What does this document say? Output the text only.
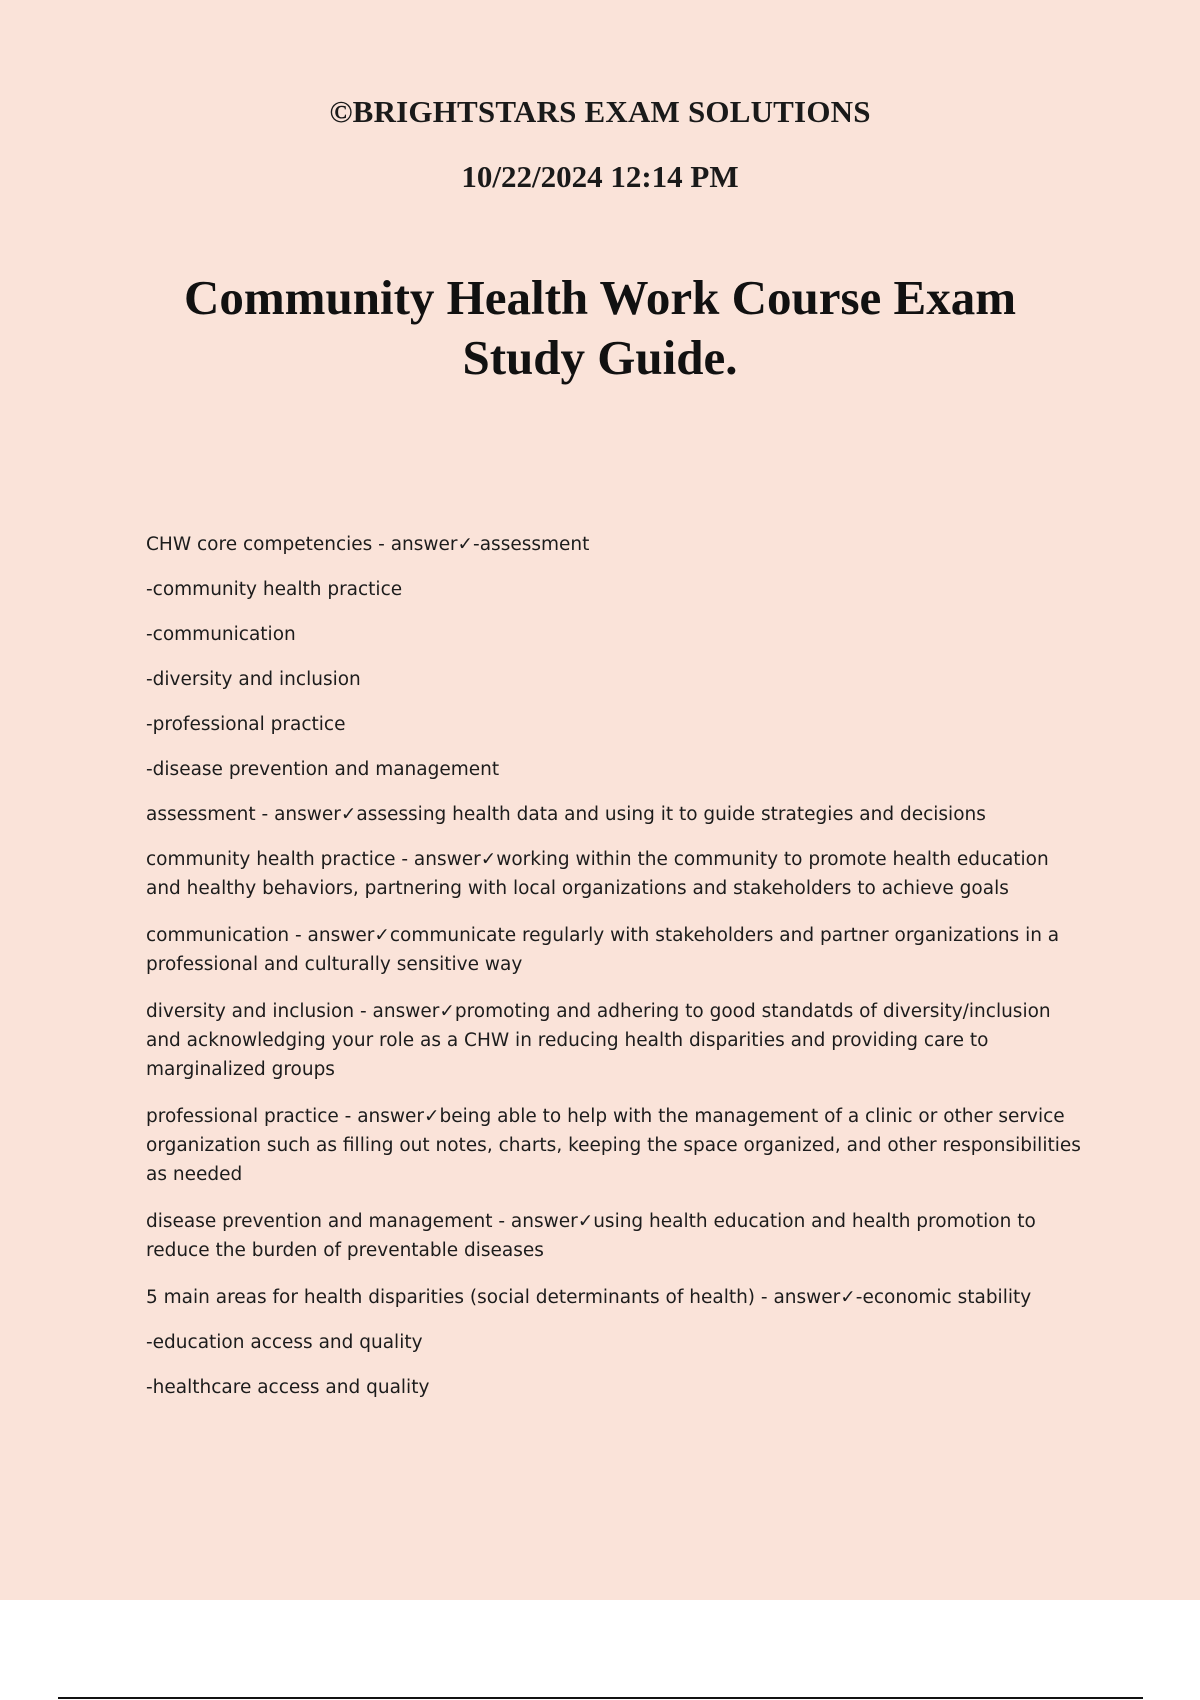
©BRIGHTSTARS EXAM SOLUTIONS
10/22/2024 12:14 PM
Community Health Work Course Exam
Study Guide.

CHW core competencies - answer✓-assessment

-community health practice

-communication

-diversity and inclusion

-professional practice

-disease prevention and management

assessment - answer✓assessing health data and using it to guide strategies and decisions

community health practice - answer✓working within the community to promote health education and healthy behaviors, partnering with local organizations and stakeholders to achieve goals

communication - answer✓communicate regularly with stakeholders and partner organizations in a professional and culturally sensitive way

diversity and inclusion - answer✓promoting and adhering to good standatds of diversity/inclusion and acknowledging your role as a CHW in reducing health disparities and providing care to marginalized groups

professional practice - answer✓being able to help with the management of a clinic or other service organization such as filling out notes, charts, keeping the space organized, and other responsibilities as needed

disease prevention and management - answer✓using health education and health promotion to reduce the burden of preventable diseases

5 main areas for health disparities (social determinants of health) - answer✓-economic stability

-education access and quality

-healthcare access and quality
